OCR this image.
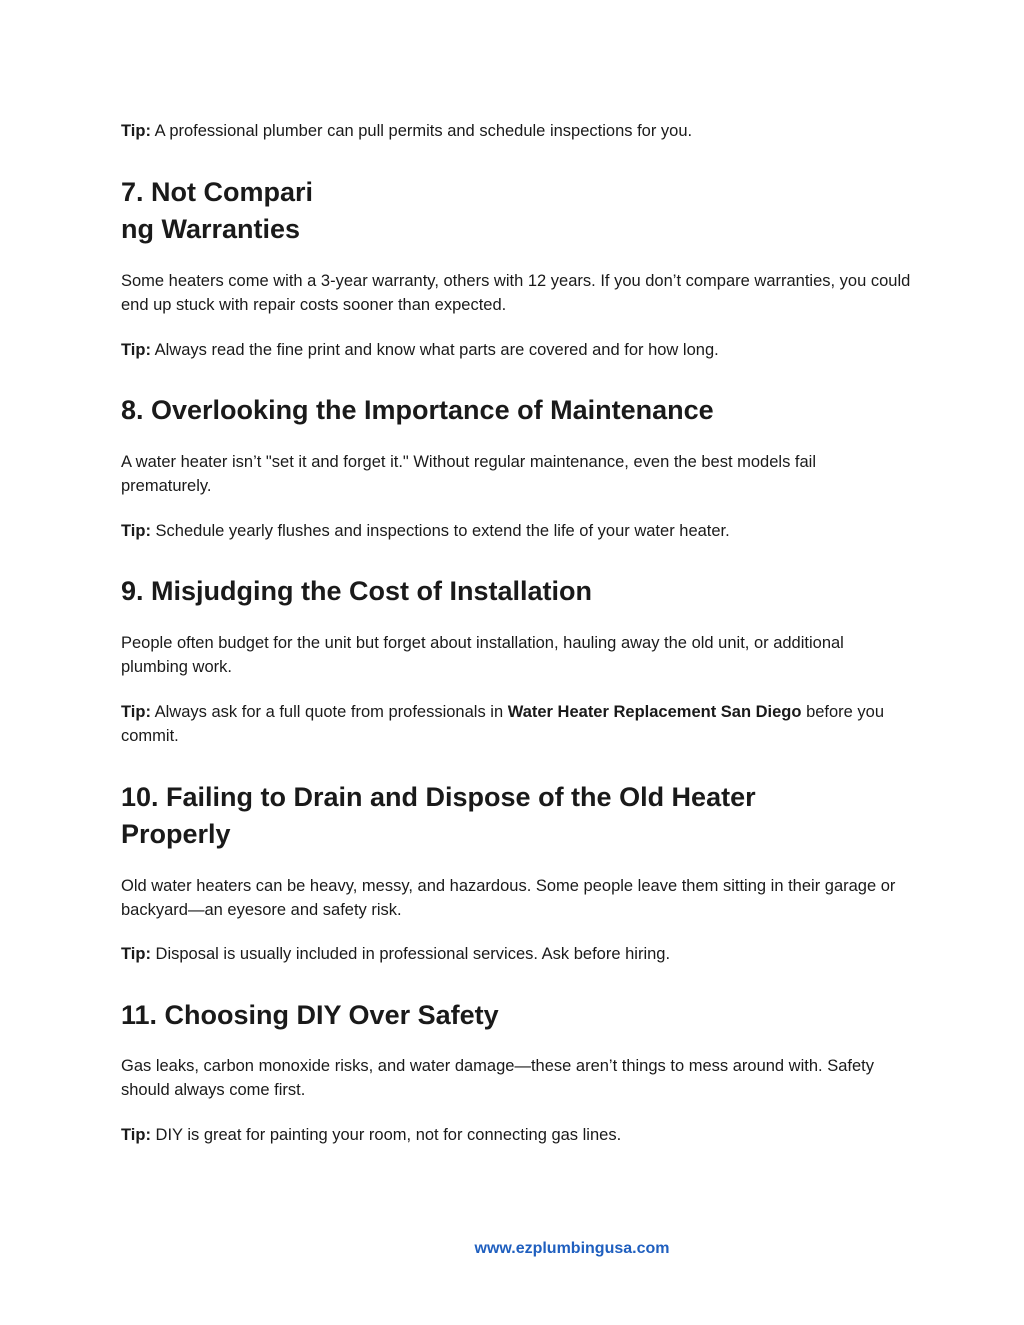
Tip: A professional plumber can pull permits and schedule inspections for you.

7. Not Compari
ng Warranties

Some heaters come with a 3-year warranty, others with 12 years. If you don’t compare warranties, you could end up stuck with repair costs sooner than expected.

Tip: Always read the fine print and know what parts are covered and for how long.

8. Overlooking the Importance of Maintenance

A water heater isn’t "set it and forget it." Without regular maintenance, even the best models fail prematurely.

Tip: Schedule yearly flushes and inspections to extend the life of your water heater.

9. Misjudging the Cost of Installation

People often budget for the unit but forget about installation, hauling away the old unit, or additional plumbing work.

Tip: Always ask for a full quote from professionals in Water Heater Replacement San Diego before you commit.

10. Failing to Drain and Dispose of the Old Heater
Properly

Old water heaters can be heavy, messy, and hazardous. Some people leave them sitting in their garage or backyard—an eyesore and safety risk.

Tip: Disposal is usually included in professional services. Ask before hiring.

11. Choosing DIY Over Safety

Gas leaks, carbon monoxide risks, and water damage—these aren’t things to mess around with. Safety should always come first.

Tip: DIY is great for painting your room, not for connecting gas lines.

www.ezplumbingusa.com
